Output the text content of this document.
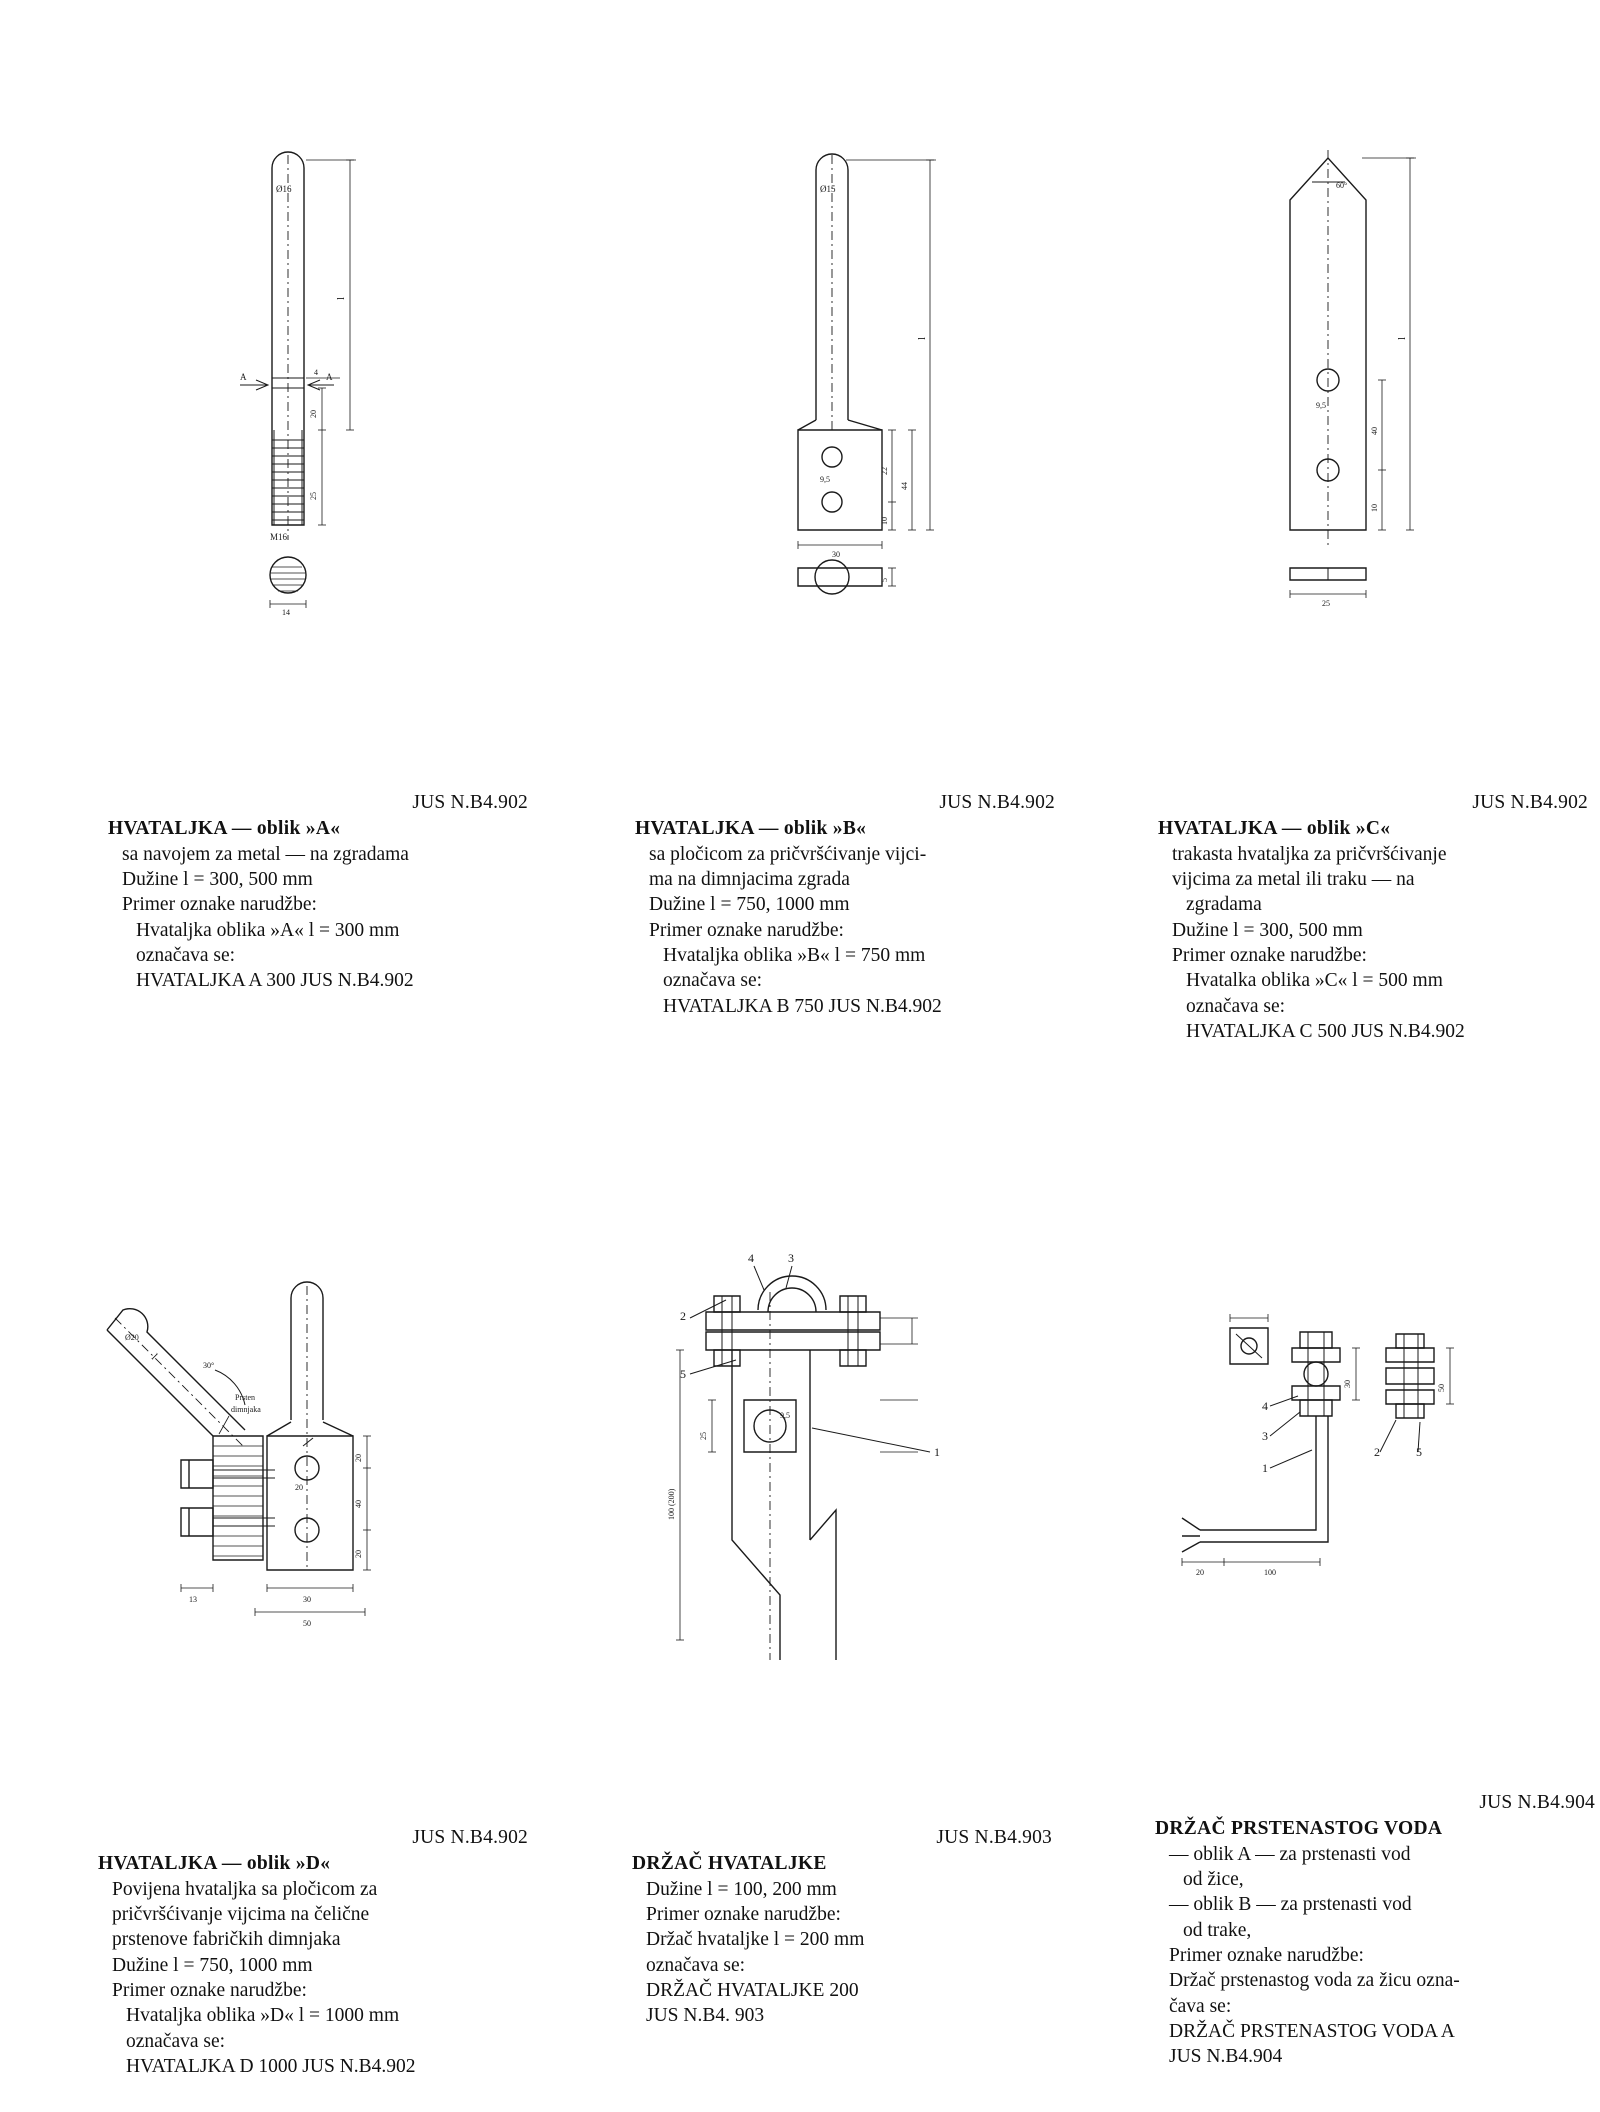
A	A
Ø16
20
25
l
4
M16
14
Ø15
9,5
30
22
10
44
l
5
60°
9,5
40
10
l
25
JUS N.B4.902
HVATALJKA — oblik »A«
sa navojem za metal — na zgradama
Dužine l = 300, 500 mm
Primer oznake narudžbe:
Hvataljka oblika »A« l = 300 mm
označava se:
HVATALJKA A 300 JUS N.B4.902
JUS N.B4.902
HVATALJKA — oblik »B«
sa pločicom za pričvršćivanje vijci-
ma na dimnjacima zgrada
Dužine l = 750, 1000 mm
Primer oznake narudžbe:
Hvataljka oblika »B« l = 750 mm
označava se:
HVATALJKA B 750 JUS N.B4.902
JUS N.B4.902
HVATALJKA — oblik »C«
trakasta hvataljka za pričvršćivanje
vijcima za metal ili traku — na
zgradama
Dužine l = 300, 500 mm
Primer oznake narudžbe:
Hvatalka oblika »C« l = 500 mm
označava se:
HVATALJKA C 500 JUS N.B4.902
Ø20
30°
Prsten
dimnjaka
20
20
40
20
13	30
50
l
9,5
2
5
4	3
1
25
100 (200)
20	100
30	50
4
3
1
2	5
JUS N.B4.902
HVATALJKA — oblik »D«
Povijena hvataljka sa pločicom za
pričvršćivanje vijcima na čelične
prstenove fabričkih dimnjaka
Dužine l = 750, 1000 mm
Primer oznake narudžbe:
Hvataljka oblika »D« l = 1000 mm
označava se:
HVATALJKA D 1000 JUS N.B4.902
JUS N.B4.903
DRŽAČ HVATALJKE
Dužine l = 100, 200 mm
Primer oznake narudžbe:
Držač hvataljke l = 200 mm
označava se:
DRŽAČ HVATALJKE 200
JUS N.B4. 903
JUS N.B4.904
DRŽAČ PRSTENASTOG VODA
— oblik A — za prstenasti vod
od žice,
— oblik B — za prstenasti vod
od trake,
Primer oznake narudžbe:
Držač prstenastog voda za žicu ozna-
čava se:
DRŽAČ PRSTENASTOG VODA A
JUS N.B4.904
